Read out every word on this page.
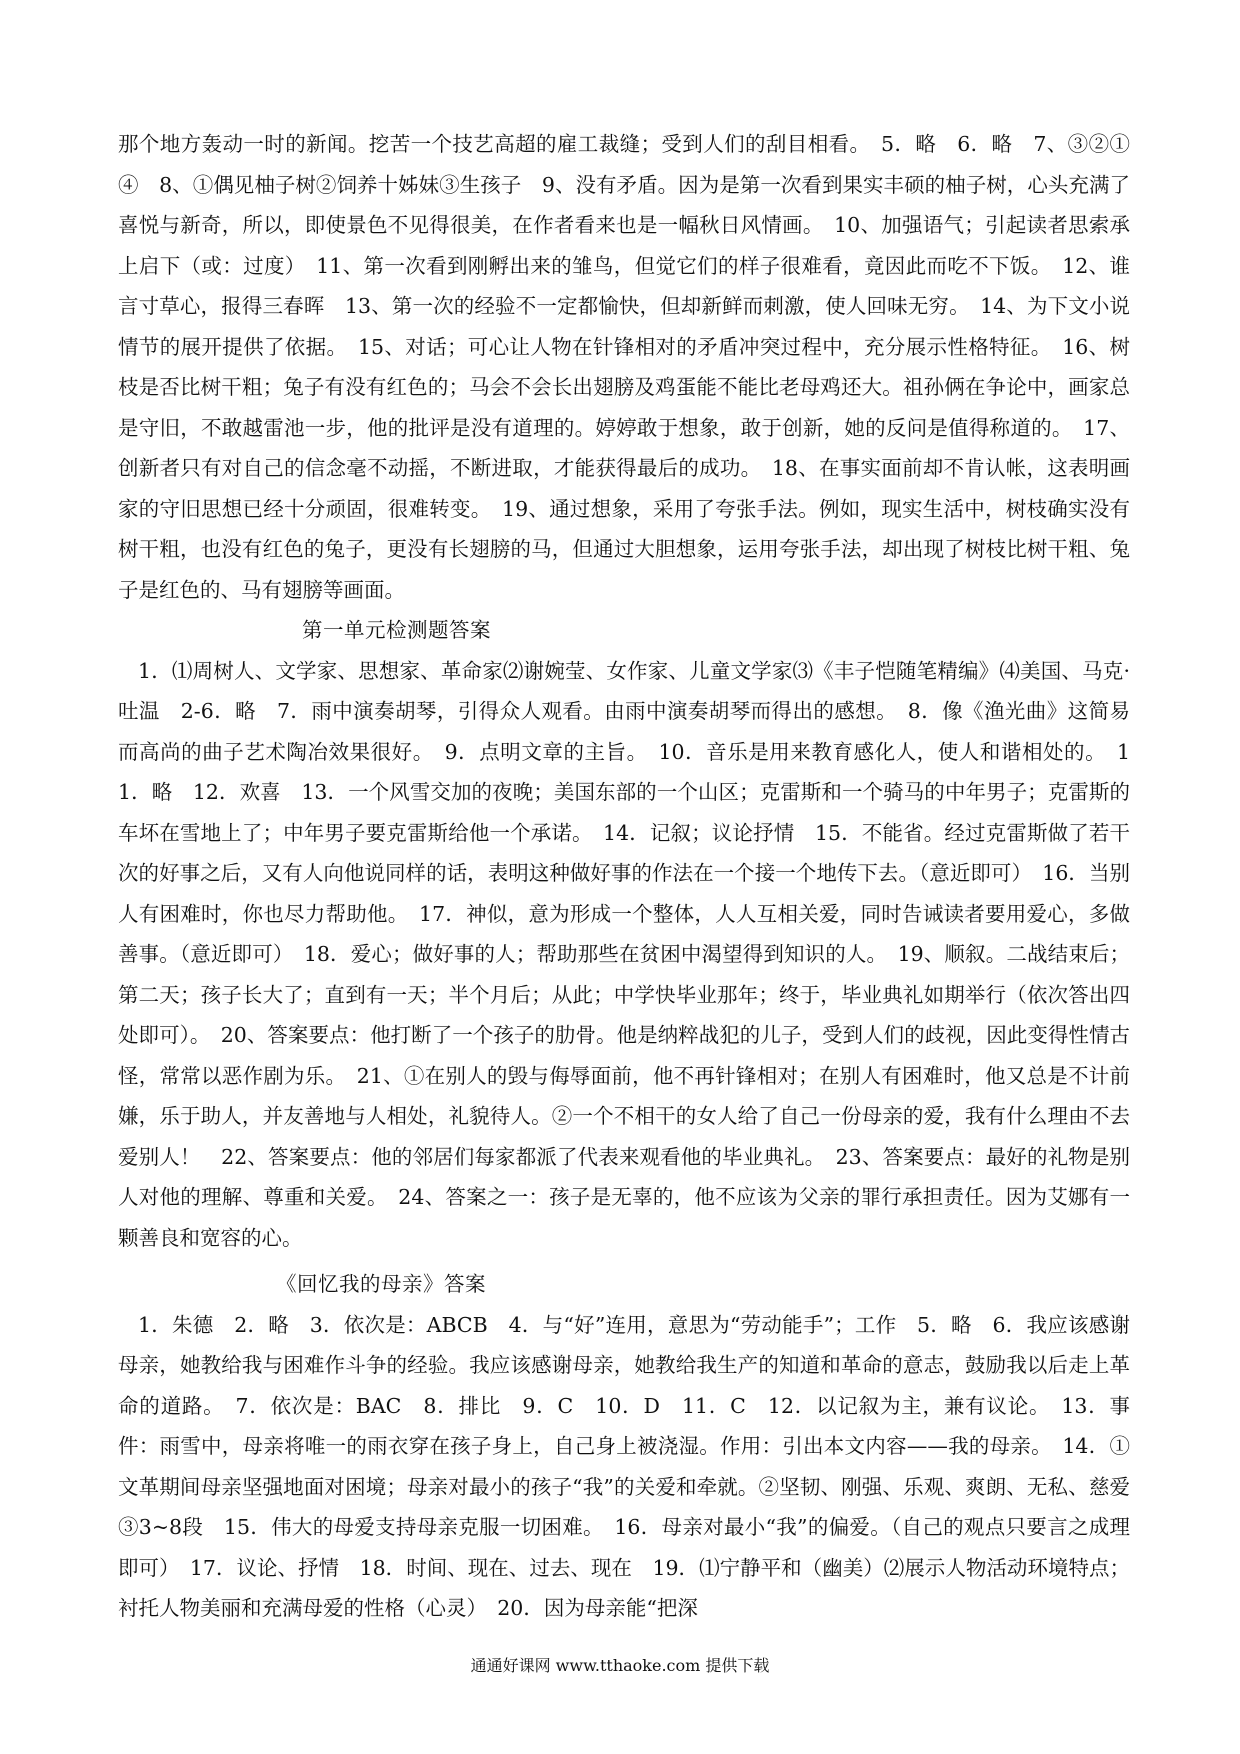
那个地方轰动一时的新闻。挖苦一个技艺高超的雇工裁缝；受到人们的刮目相看。　5．略　6．略　7、③②①④　8、①偶见柚子树②饲养十姊妹③生孩子　9、没有矛盾。因为是第一次看到果实丰硕的柚子树，心头充满了喜悦与新奇，所以，即使景色不见得很美，在作者看来也是一幅秋日风情画。　10、加强语气；引起读者思索承上启下（或：过度）　11、第一次看到刚孵出来的雏鸟，但觉它们的样子很难看，竟因此而吃不下饭。　12、谁言寸草心，报得三春晖　13、第一次的经验不一定都愉快，但却新鲜而刺激，使人回味无穷。　14、为下文小说情节的展开提供了依据。　15、对话；可心让人物在针锋相对的矛盾冲突过程中，充分展示性格特征。　16、树枝是否比树干粗；兔子有没有红色的；马会不会长出翅膀及鸡蛋能不能比老母鸡还大。祖孙俩在争论中，画家总是守旧，不敢越雷池一步，他的批评是没有道理的。婷婷敢于想象，敢于创新，她的反问是值得称道的。　17、创新者只有对自己的信念毫不动摇，不断进取，才能获得最后的成功。　18、在事实面前却不肯认帐，这表明画家的守旧思想已经十分顽固，很难转变。　19、通过想象，采用了夸张手法。例如，现实生活中，树枝确实没有树干粗，也没有红色的兔子，更没有长翅膀的马，但通过大胆想象，运用夸张手法，却出现了树枝比树干粗、兔子是红色的、马有翅膀等画面。

第一单元检测题答案

1．⑴周树人、文学家、思想家、革命家⑵谢婉莹、女作家、儿童文学家⑶《丰子恺随笔精编》⑷美国、马克·吐温　2-6．略　7．雨中演奏胡琴，引得众人观看。由雨中演奏胡琴而得出的感想。　8．像《渔光曲》这简易而高尚的曲子艺术陶冶效果很好。　9．点明文章的主旨。　10．音乐是用来教育感化人，使人和谐相处的。　11．略　12．欢喜　13．一个风雪交加的夜晚；美国东部的一个山区；克雷斯和一个骑马的中年男子；克雷斯的车坏在雪地上了；中年男子要克雷斯给他一个承诺。　14．记叙；议论抒情　15．不能省。经过克雷斯做了若干次的好事之后，又有人向他说同样的话，表明这种做好事的作法在一个接一个地传下去。（意近即可）　16．当别人有困难时，你也尽力帮助他。　17．神似，意为形成一个整体，人人互相关爱，同时告诫读者要用爱心，多做善事。（意近即可）　18．爱心；做好事的人；帮助那些在贫困中渴望得到知识的人。　19、顺叙。二战结束后；第二天；孩子长大了；直到有一天；半个月后；从此；中学快毕业那年；终于，毕业典礼如期举行（依次答出四处即可）。　20、答案要点：他打断了一个孩子的肋骨。他是纳粹战犯的儿子，受到人们的歧视，因此变得性情古怪，常常以恶作剧为乐。　21、①在别人的毁与侮辱面前，他不再针锋相对；在别人有困难时，他又总是不计前嫌，乐于助人，并友善地与人相处，礼貌待人。②一个不相干的女人给了自己一份母亲的爱，我有什么理由不去爱别人！　22、答案要点：他的邻居们每家都派了代表来观看他的毕业典礼。　23、答案要点：最好的礼物是别人对他的理解、尊重和关爱。　24、答案之一：孩子是无辜的，他不应该为父亲的罪行承担责任。因为艾娜有一颗善良和宽容的心。

《回忆我的母亲》答案

1．朱德　2．略　3．依次是：ABCB　4．与“好”连用，意思为“劳动能手”；工作　5．略　6．我应该感谢母亲，她教给我与困难作斗争的经验。我应该感谢母亲，她教给我生产的知道和革命的意志，鼓励我以后走上革命的道路。　7．依次是：BAC　8．排比　9．C　10．D　11．C　12．以记叙为主，兼有议论。　13．事件：雨雪中，母亲将唯一的雨衣穿在孩子身上，自己身上被浇湿。作用：引出本文内容——我的母亲。　14．①文革期间母亲坚强地面对困境；母亲对最小的孩子“我”的关爱和牵就。②坚韧、刚强、乐观、爽朗、无私、慈爱③3~8段　15．伟大的母爱支持母亲克服一切困难。　16．母亲对最小“我”的偏爱。（自己的观点只要言之成理即可）　17．议论、抒情　18．时间、现在、过去、现在　19．⑴宁静平和（幽美）⑵展示人物活动环境特点；衬托人物美丽和充满母爱的性格（心灵）　20．因为母亲能“把深

通通好课网 www.tthaoke.com 提供下载
